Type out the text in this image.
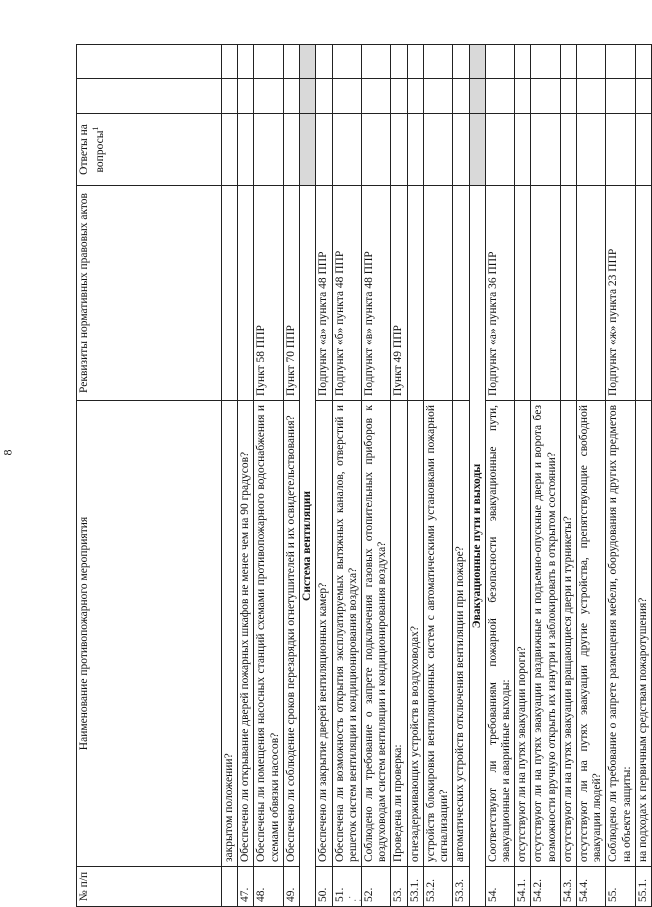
8
№ п/п	Наименование противопожарного мероприятия	Реквизиты нормативных правовых актов	Ответы на вопросы$^1$		
	закрытом положении?				
47.	Обеспечено ли открывание дверей пожарных шкафов не менее чем на 90 градусов?				
48.	Обеспечены ли помещения насосных станций схемами противопожарного водоснабжения и схемами обвязки насосов?	Пункт 58 ППР			
49.	Обеспечено ли соблюдение сроков перезарядки огнетушителей и их освидетельствования?	Пункт 70 ППР			
Система вентиляции					
50.	Обеспечено ли закрытие дверей вентиляционных камер?	Подпункт «а» пункта 48 ППР			
51.	Обеспечена ли возможность открытия эксплуатируемых вытяжных каналов, отверстий и решеток систем вентиляции и кондиционирования воздуха?	Подпункт «б» пункта 48 ППР			
52.	Соблюдено ли требование о запрете подключения газовых отопительных приборов к воздуховодам систем вентиляции и кондиционирования воздуха?	Подпункт «в» пункта 48 ППР			
53.	Проведена ли проверка:	Пункт 49 ППР			
53.1.	огнезадерживающих устройств в воздуховодах?				
53.2.	устройств блокировки вентиляционных систем с автоматическими установками пожарной сигнализации?				
53.3.	автоматических устройств отключения вентиляции при пожаре?				
Эвакуационные пути и выходы					
54.	Соответствуют ли требованиям пожарной безопасности эвакуационные пути, эвакуационные и аварийные выходы:	Подпункт «а» пункта 36 ППР			
54.1.	отсутствуют ли на путях эвакуации пороги?				
54.2.	отсутствуют ли на путях эвакуации раздвижные и подъемно-опускные двери и ворота без возможности вручную открыть их изнутри и заблокировать в открытом состоянии?				
54.3.	отсутствуют ли на путях эвакуации вращающиеся двери и турникеты?				
54.4.	отсутствуют ли на путях эвакуации другие устройства, препятствующие свободной эвакуации людей?				
55.	Соблюдено ли требование о запрете размещения мебели, оборудования и других предметов на объекте защиты:	Подпункт «ж» пункта 23 ППР			
55.1.	на подходах к первичным средствам пожаротушения?				
· . .
